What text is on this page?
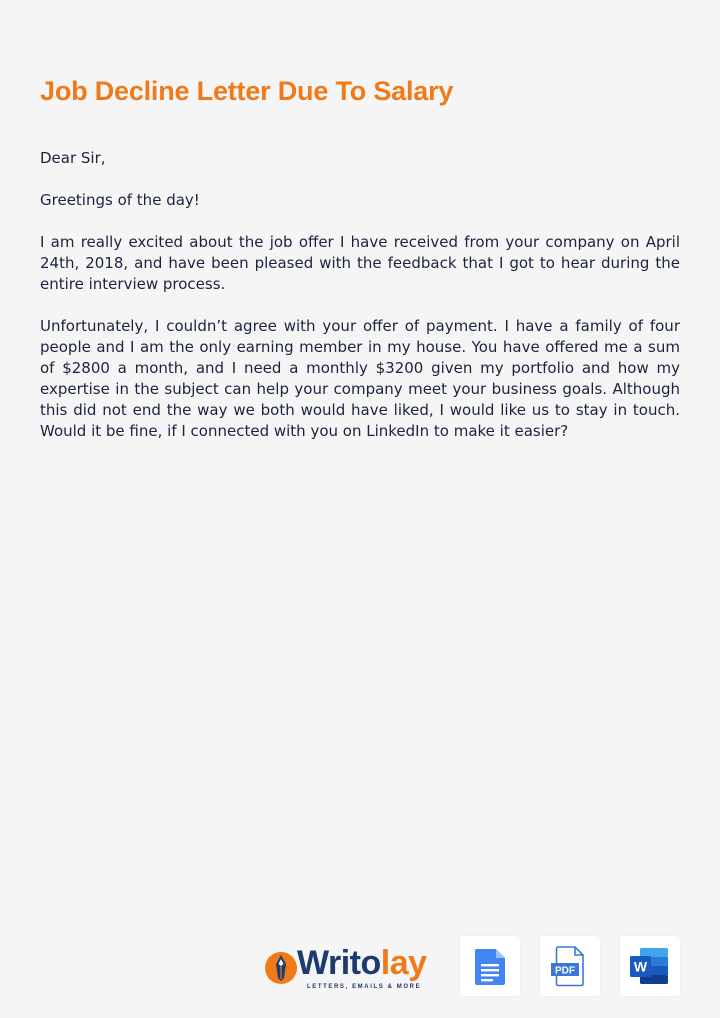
Job Decline Letter Due To Salary

Dear Sir,

Greetings of the day!

I am really excited about the job offer I have received from your company on April 24th, 2018, and have been pleased with the feedback that I got to hear during the entire interview process.

Unfortunately, I couldn’t agree with your offer of payment. I have a family of four people and I am the only earning member in my house. You have offered me a sum of $2800 a month, and I need a monthly $3200 given my portfolio and how my expertise in the subject can help your company meet your business goals. Although this did not end the way we both would have liked, I would like us to stay in touch. Would it be fine, if I connected with you on LinkedIn to make it easier?

Writolay
LETTERS, EMAILS & MORE
PDF	W
